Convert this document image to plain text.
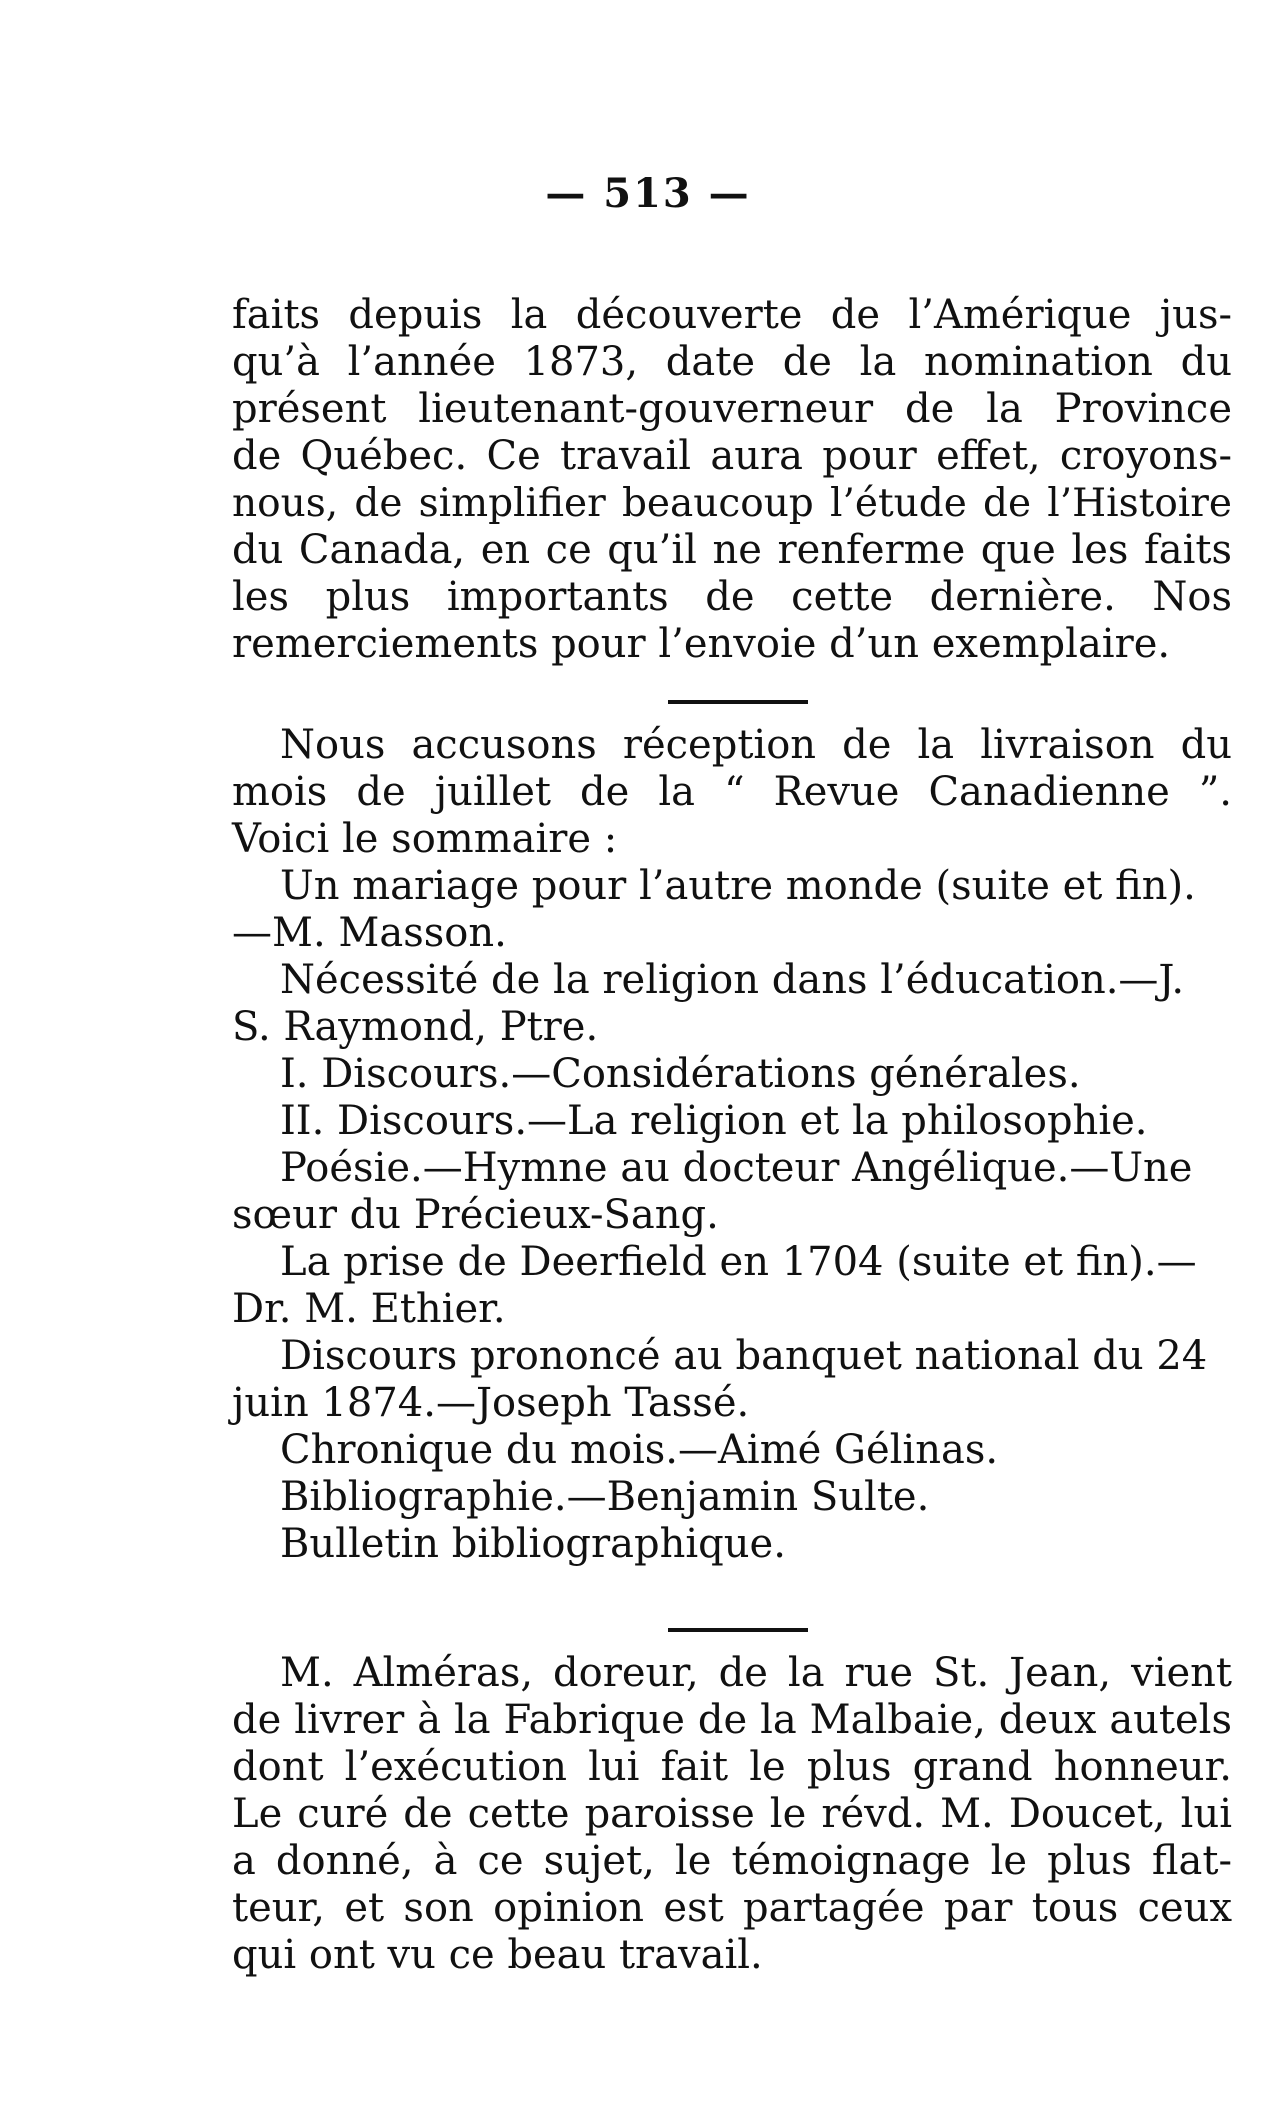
— 513 —
faits depuis la découverte de l’Amérique jus-
qu’à l’année 1873, date de la nomination du
présent lieutenant-gouverneur de la Province
de Québec. Ce travail aura pour effet, croyons-
nous, de simplifier beaucoup l’étude de l’Histoire
du Canada, en ce qu’il ne renferme que les faits
les plus importants de cette dernière. Nos
remerciements pour l’envoie d’un exemplaire.
Nous accusons réception de la livraison du
mois de juillet de la “ Revue Canadienne ”.
Voici le sommaire :
Un mariage pour l’autre monde (suite et fin).
—M. Masson.
Nécessité de la religion dans l’éducation.—J.
S. Raymond, Ptre.
I. Discours.—Considérations générales.
II. Discours.—La religion et la philosophie.
Poésie.—Hymne au docteur Angélique.—Une
sœur du Précieux-Sang.
La prise de Deerfield en 1704 (suite et fin).—
Dr. M. Ethier.
Discours prononcé au banquet national du 24
juin 1874.—Joseph Tassé.
Chronique du mois.—Aimé Gélinas.
Bibliographie.—Benjamin Sulte.
Bulletin bibliographique.
M. Alméras, doreur, de la rue St. Jean, vient
de livrer à la Fabrique de la Malbaie, deux autels
dont l’exécution lui fait le plus grand honneur.
Le curé de cette paroisse le révd. M. Doucet, lui
a donné, à ce sujet, le témoignage le plus flat-
teur, et son opinion est partagée par tous ceux
qui ont vu ce beau travail.
